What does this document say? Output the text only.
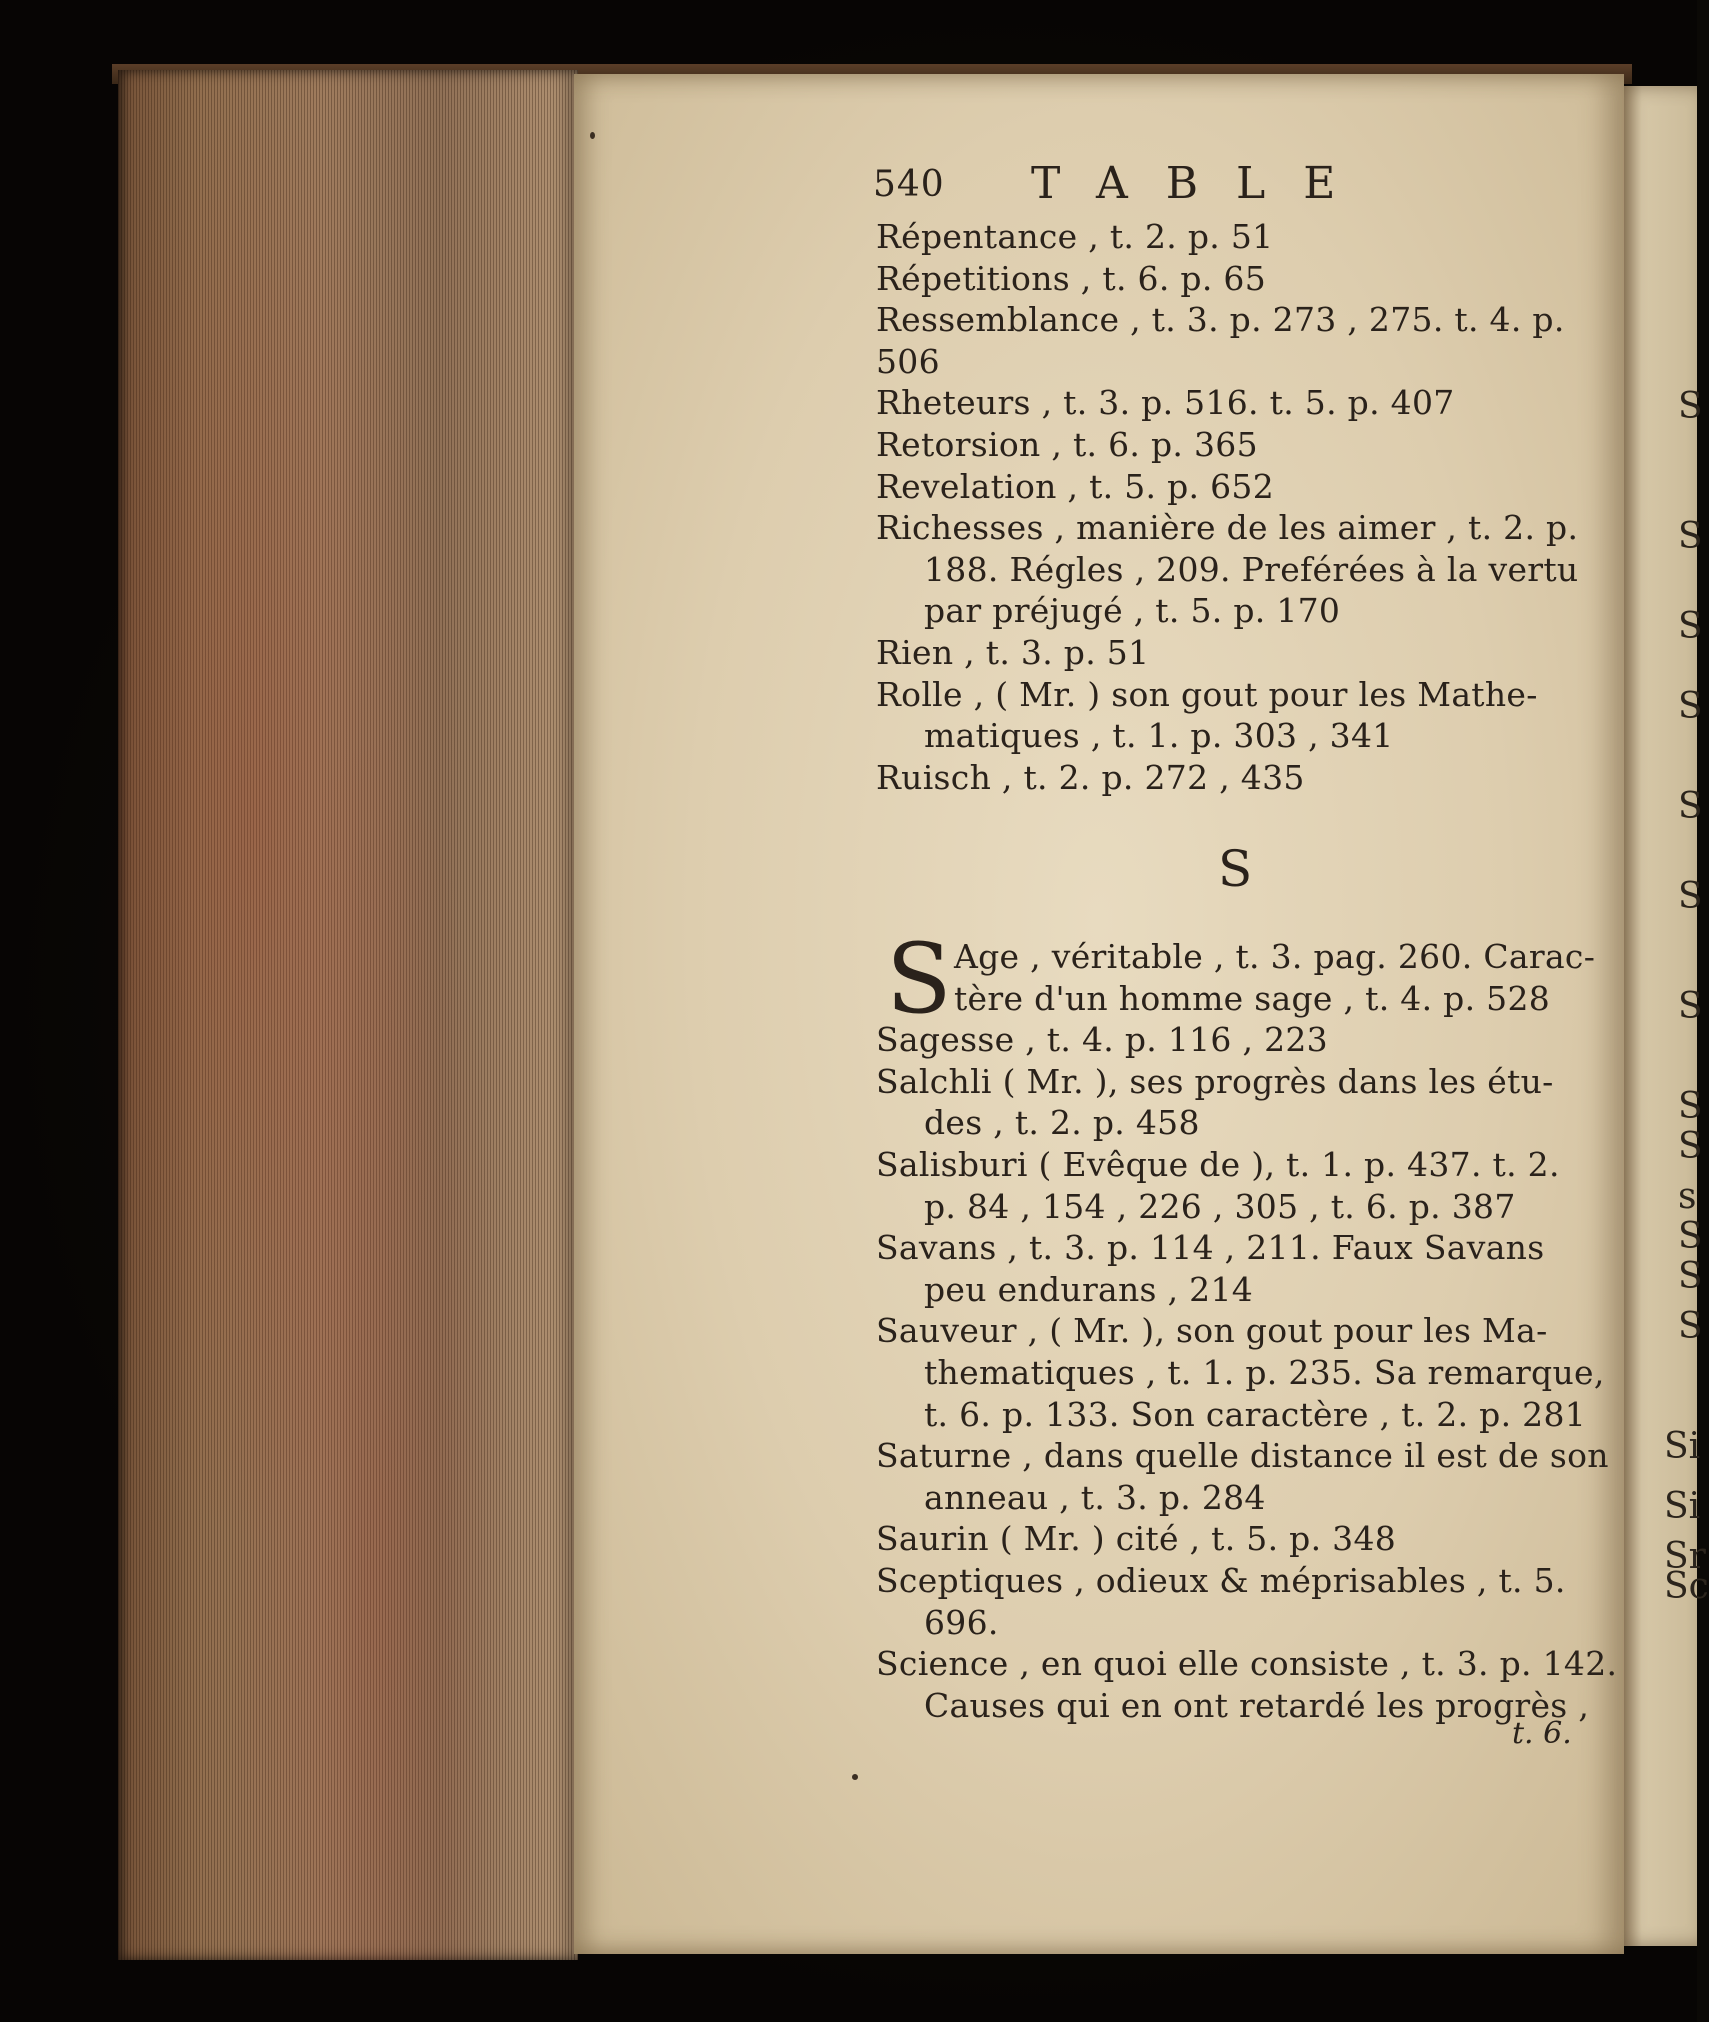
S
S
S
S
S
S
S
S
S
s
S
S
S
Si
Si
Sr
Sc
540 TABLE
Répentance , t. 2. p. 51
Répetitions , t. 6. p. 65
Ressemblance , t. 3. p. 273 , 275. t. 4. p.
506
Rheteurs , t. 3. p. 516. t. 5. p. 407
Retorsion , t. 6. p. 365
Revelation , t. 5. p. 652
Richesses , manière de les aimer , t. 2. p.
188. Régles , 209. Preférées à la vertu
par préjugé , t. 5. p. 170
Rien , t. 3. p. 51
Rolle , ( Mr. ) son gout pour les Mathe-
matiques , t. 1. p. 303 , 341
Ruisch , t. 2. p. 272 , 435
S
S Age , véritable , t. 3. pag. 260. Carac-
tère d'un homme sage , t. 4. p. 528
Sagesse , t. 4. p. 116 , 223
Salchli ( Mr. ), ses progrès dans les étu-
des , t. 2. p. 458
Salisburi ( Evêque de ), t. 1. p. 437. t. 2.
p. 84 , 154 , 226 , 305 , t. 6. p. 387
Savans , t. 3. p. 114 , 211. Faux Savans
peu endurans , 214
Sauveur , ( Mr. ), son gout pour les Ma-
thematiques , t. 1. p. 235. Sa remarque,
t. 6. p. 133. Son caractère , t. 2. p. 281
Saturne , dans quelle distance il est de son
anneau , t. 3. p. 284
Saurin ( Mr. ) cité , t. 5. p. 348
Sceptiques , odieux & méprisables , t. 5.
696.
Science , en quoi elle consiste , t. 3. p. 142.
Causes qui en ont retardé les progrès ,
t. 6.
